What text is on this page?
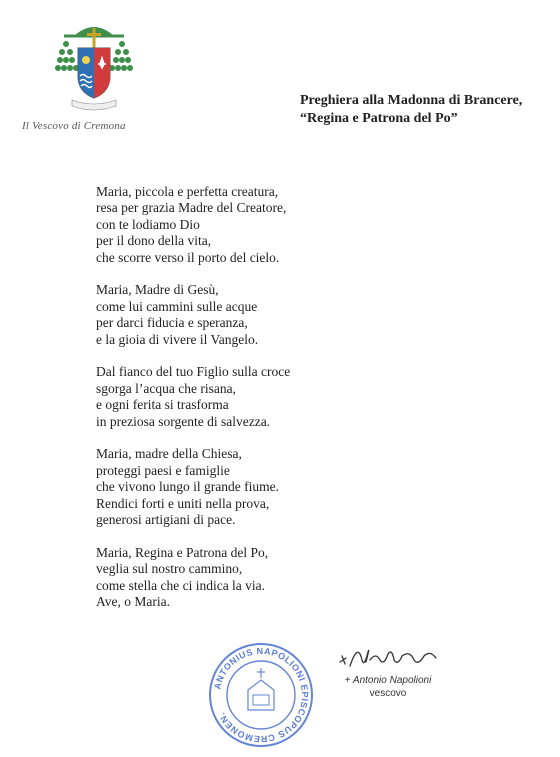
Il Vescovo di Cremona
Preghiera alla Madonna di Brancere,
“Regina e Patrona del Po”
Maria, piccola e perfetta creatura,
resa per grazia Madre del Creatore,
con te lodiamo Dio
per il dono della vita,
che scorre verso il porto del cielo.
Maria, Madre di Gesù,
come lui cammini sulle acque
per darci fiducia e speranza,
e la gioia di vivere il Vangelo.
Dal fianco del tuo Figlio sulla croce
sgorga l’acqua che risana,
e ogni ferita si trasforma
in preziosa sorgente di salvezza.
Maria, madre della Chiesa,
proteggi paesi e famiglie
che vivono lungo il grande fiume.
Rendici forti e uniti nella prova,
generosi artigiani di pace.
Maria, Regina e Patrona del Po,
veglia sul nostro cammino,
come stella che ci indica la via.
Ave, o Maria.
ANTONIUS NAPOLIONI EPISCOPUS CREMONEN.
+ Antonio Napolioni
vescovo
